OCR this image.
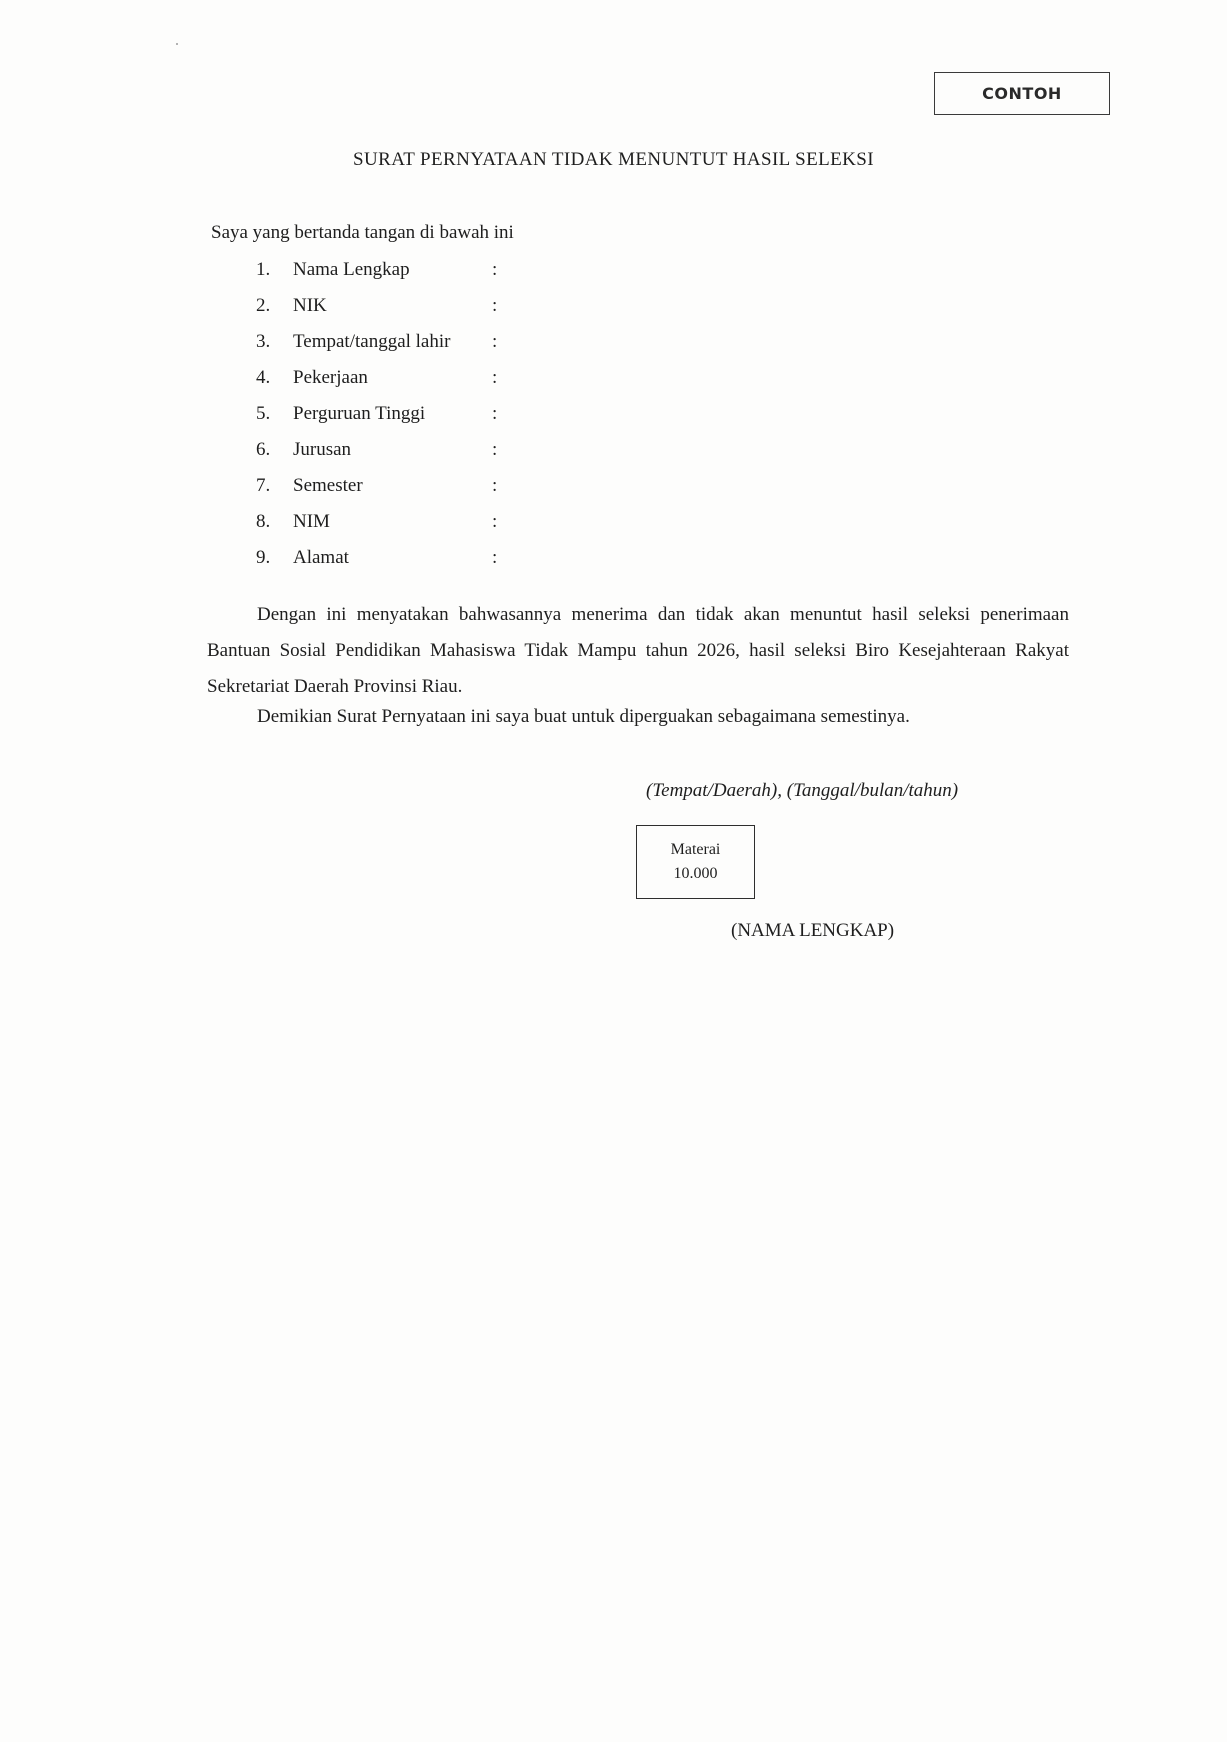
CONTOH
SURAT PERNYATAAN TIDAK MENUNTUT HASIL SELEKSI
Saya yang bertanda tangan di bawah ini
1.	Nama Lengkap	:
2.	NIK	:
3.	Tempat/tanggal lahir	:
4.	Pekerjaan	:
5.	Perguruan Tinggi	:
6.	Jurusan	:
7.	Semester	:
8.	NIM	:
9.	Alamat	:

Dengan ini menyatakan bahwasannya menerima dan tidak akan menuntut hasil seleksi penerimaan Bantuan Sosial Pendidikan Mahasiswa Tidak Mampu tahun 2026, hasil seleksi Biro Kesejahteraan Rakyat Sekretariat Daerah Provinsi Riau.

Demikian Surat Pernyataan ini saya buat untuk diperguakan sebagaimana semestinya.
(Tempat/Daerah), (Tanggal/bulan/tahun)
Materai
10.000
(NAMA LENGKAP)
